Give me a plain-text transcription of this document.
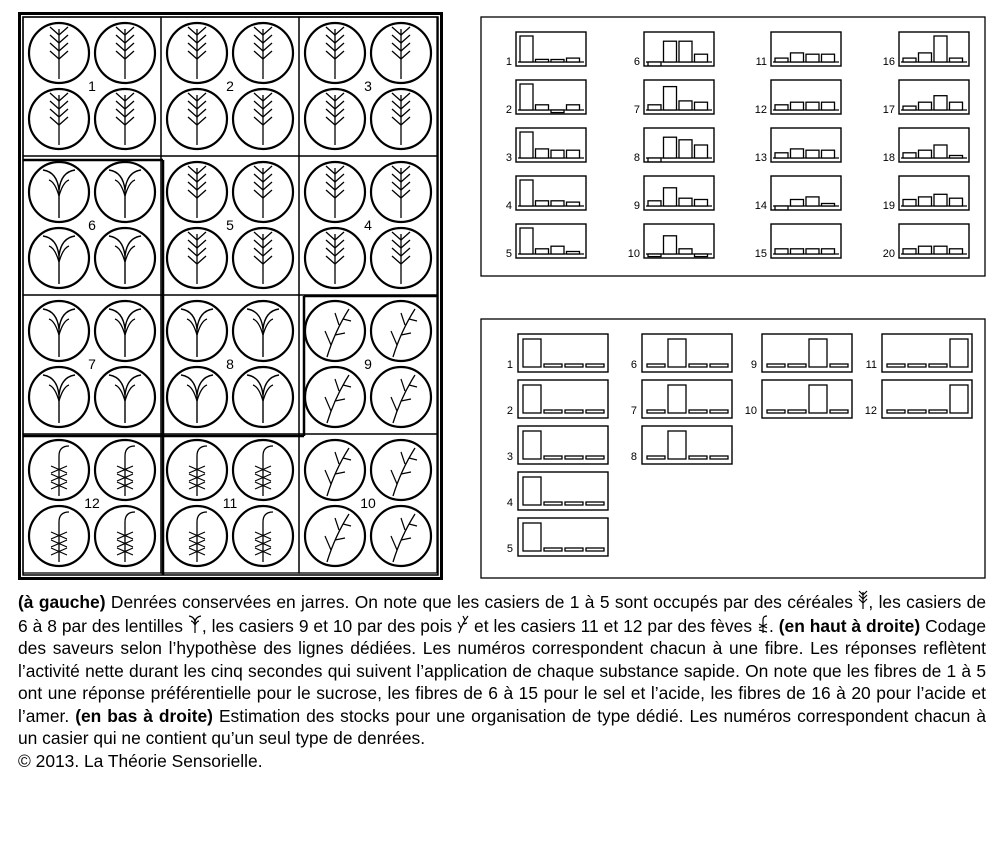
1	2	3
6	5	4
7	8	9
12	11	10
1
2
3
4
5
6
7
8
9
10
11
12
13
14
15
16
17
18
19
20
1
2
3
4
5
6
7
8
9
10
11
12
(à gauche) Denrées conservées en jarres. On note que les casiers de 1 à 5 sont occupés par des céréales , les casiers de 6 à 8 par des lentilles , les casiers 9 et 10 par des pois  et les casiers 11 et 12 par des fèves . (en haut à droite) Codage des saveurs selon l’hypothèse des lignes dédiées. Les numéros correspondent chacun à une fibre. Les réponses reflètent l’activité nette durant les cinq secondes qui suivent l’application de chaque substance sapide. On note que les fibres de 1 à 5 ont une réponse préférentielle pour le sucrose, les fibres de 6 à 15 pour le sel et l’acide, les fibres de 16 à 20 pour l’acide et l’amer. (en bas à droite) Estimation des stocks pour une organisation de type dédié. Les numéros correspondent chacun à un casier qui ne contient qu’un seul type de denrées.
© 2013. La Théorie Sensorielle.
